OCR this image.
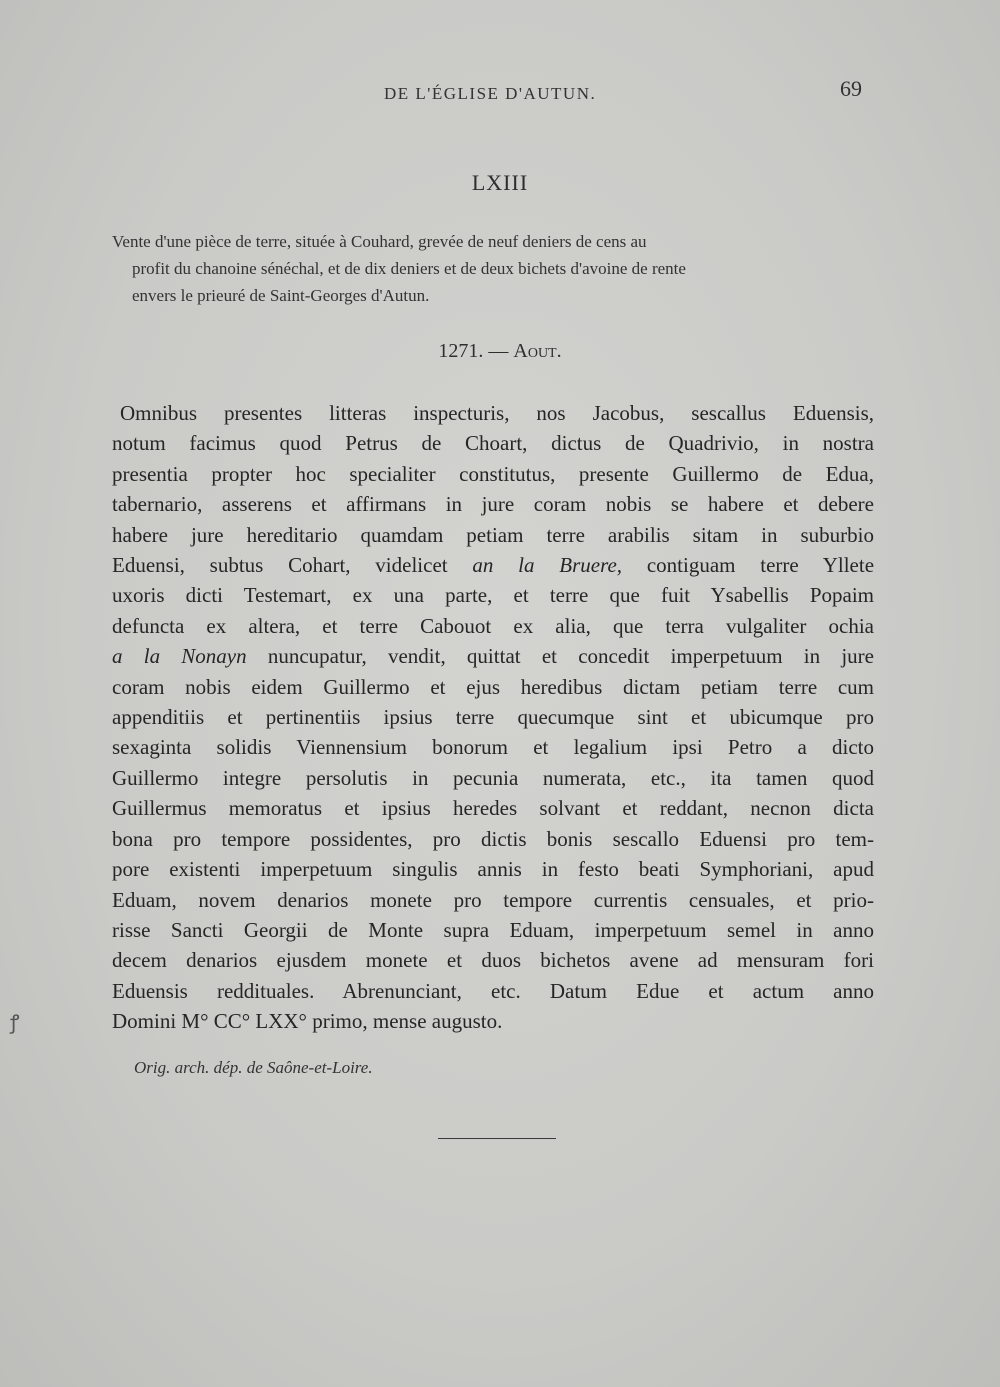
DE L'ÉGLISE D'AUTUN.	69
LXIII
Vente d'une pièce de terre, située à Couhard, grevée de neuf deniers de cens au
profit du chanoine sénéchal, et de dix deniers et de deux bichets d'avoine de rente
envers le prieuré de Saint-Georges d'Autun.
1271. — Aout.
Omnibus presentes litteras inspecturis, nos Jacobus, sescallus Eduensis,
notum facimus quod Petrus de Choart, dictus de Quadrivio, in nostra
presentia propter hoc specialiter constitutus, presente Guillermo de Edua,
tabernario, asserens et affirmans in jure coram nobis se habere et debere
habere jure hereditario quamdam petiam terre arabilis sitam in suburbio
Eduensi, subtus Cohart, videlicet an la Bruere, contiguam terre Yllete
uxoris dicti Testemart, ex una parte, et terre que fuit Ysabellis Popaim
defuncta ex altera, et terre Cabouot ex alia, que terra vulgaliter ochia
a la Nonayn nuncupatur, vendit, quittat et concedit imperpetuum in jure
coram nobis eidem Guillermo et ejus heredibus dictam petiam terre cum
appenditiis et pertinentiis ipsius terre quecumque sint et ubicumque pro
sexaginta solidis Viennensium bonorum et legalium ipsi Petro a dicto
Guillermo integre persolutis in pecunia numerata, etc., ita tamen quod
Guillermus memoratus et ipsius heredes solvant et reddant, necnon dicta
bona pro tempore possidentes, pro dictis bonis sescallo Eduensi pro tem-
pore existenti imperpetuum singulis annis in festo beati Symphoriani, apud
Eduam, novem denarios monete pro tempore currentis censuales, et prio-
risse Sancti Georgii de Monte supra Eduam, imperpetuum semel in anno
decem denarios ejusdem monete et duos bichetos avene ad mensuram fori
Eduensis reddituales. Abrenunciant, etc. Datum Edue et actum anno
Domini M° CC° LXX° primo, mense augusto.
Orig. arch. dép. de Saône-et-Loire.
ꝭ
